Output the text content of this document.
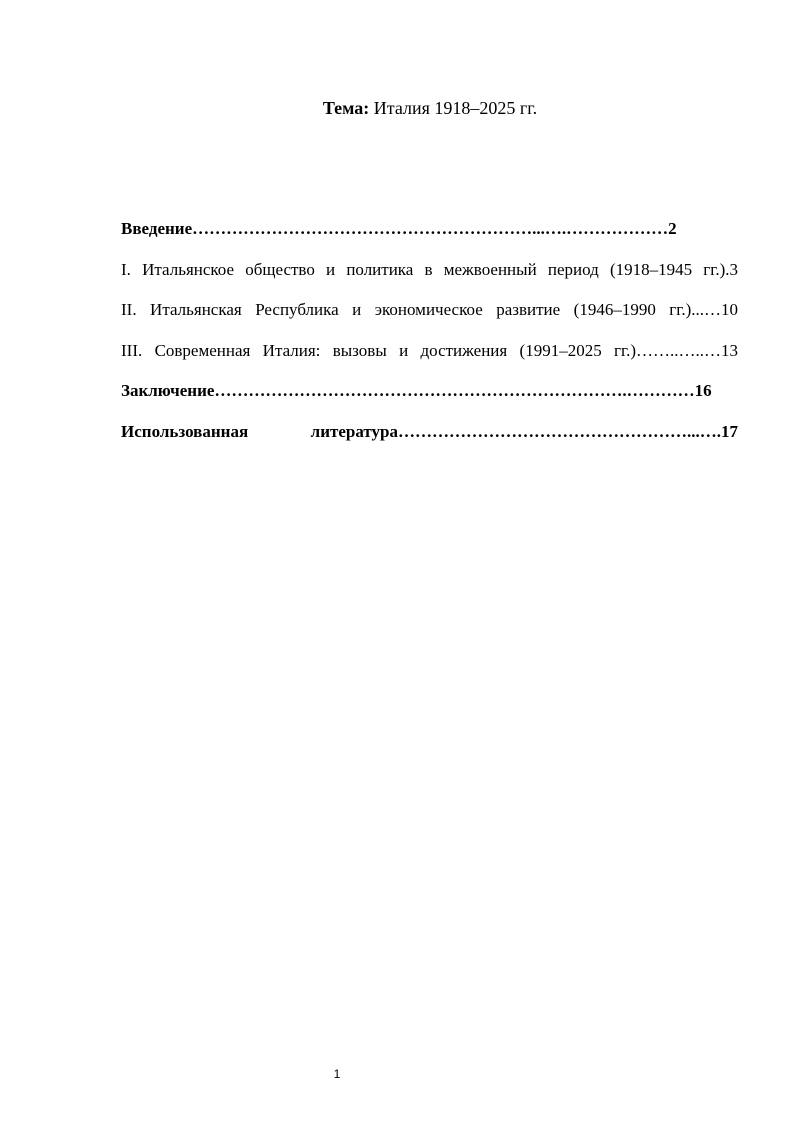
Тема: Италия 1918–2025 гг.
Введение……………………………………………………...….………………2
I. Итальянское общество и политика в межвоенный период (1918–1945 гг.).3
II. Итальянская Республика и экономическое развитие (1946–1990 гг.)...…10
III. Современная Италия: вызовы и достижения (1991–2025 гг.)……..…..…13
Заключение……………………………………………………………….…………16
Использованная литература……………………………………………...….17
1
